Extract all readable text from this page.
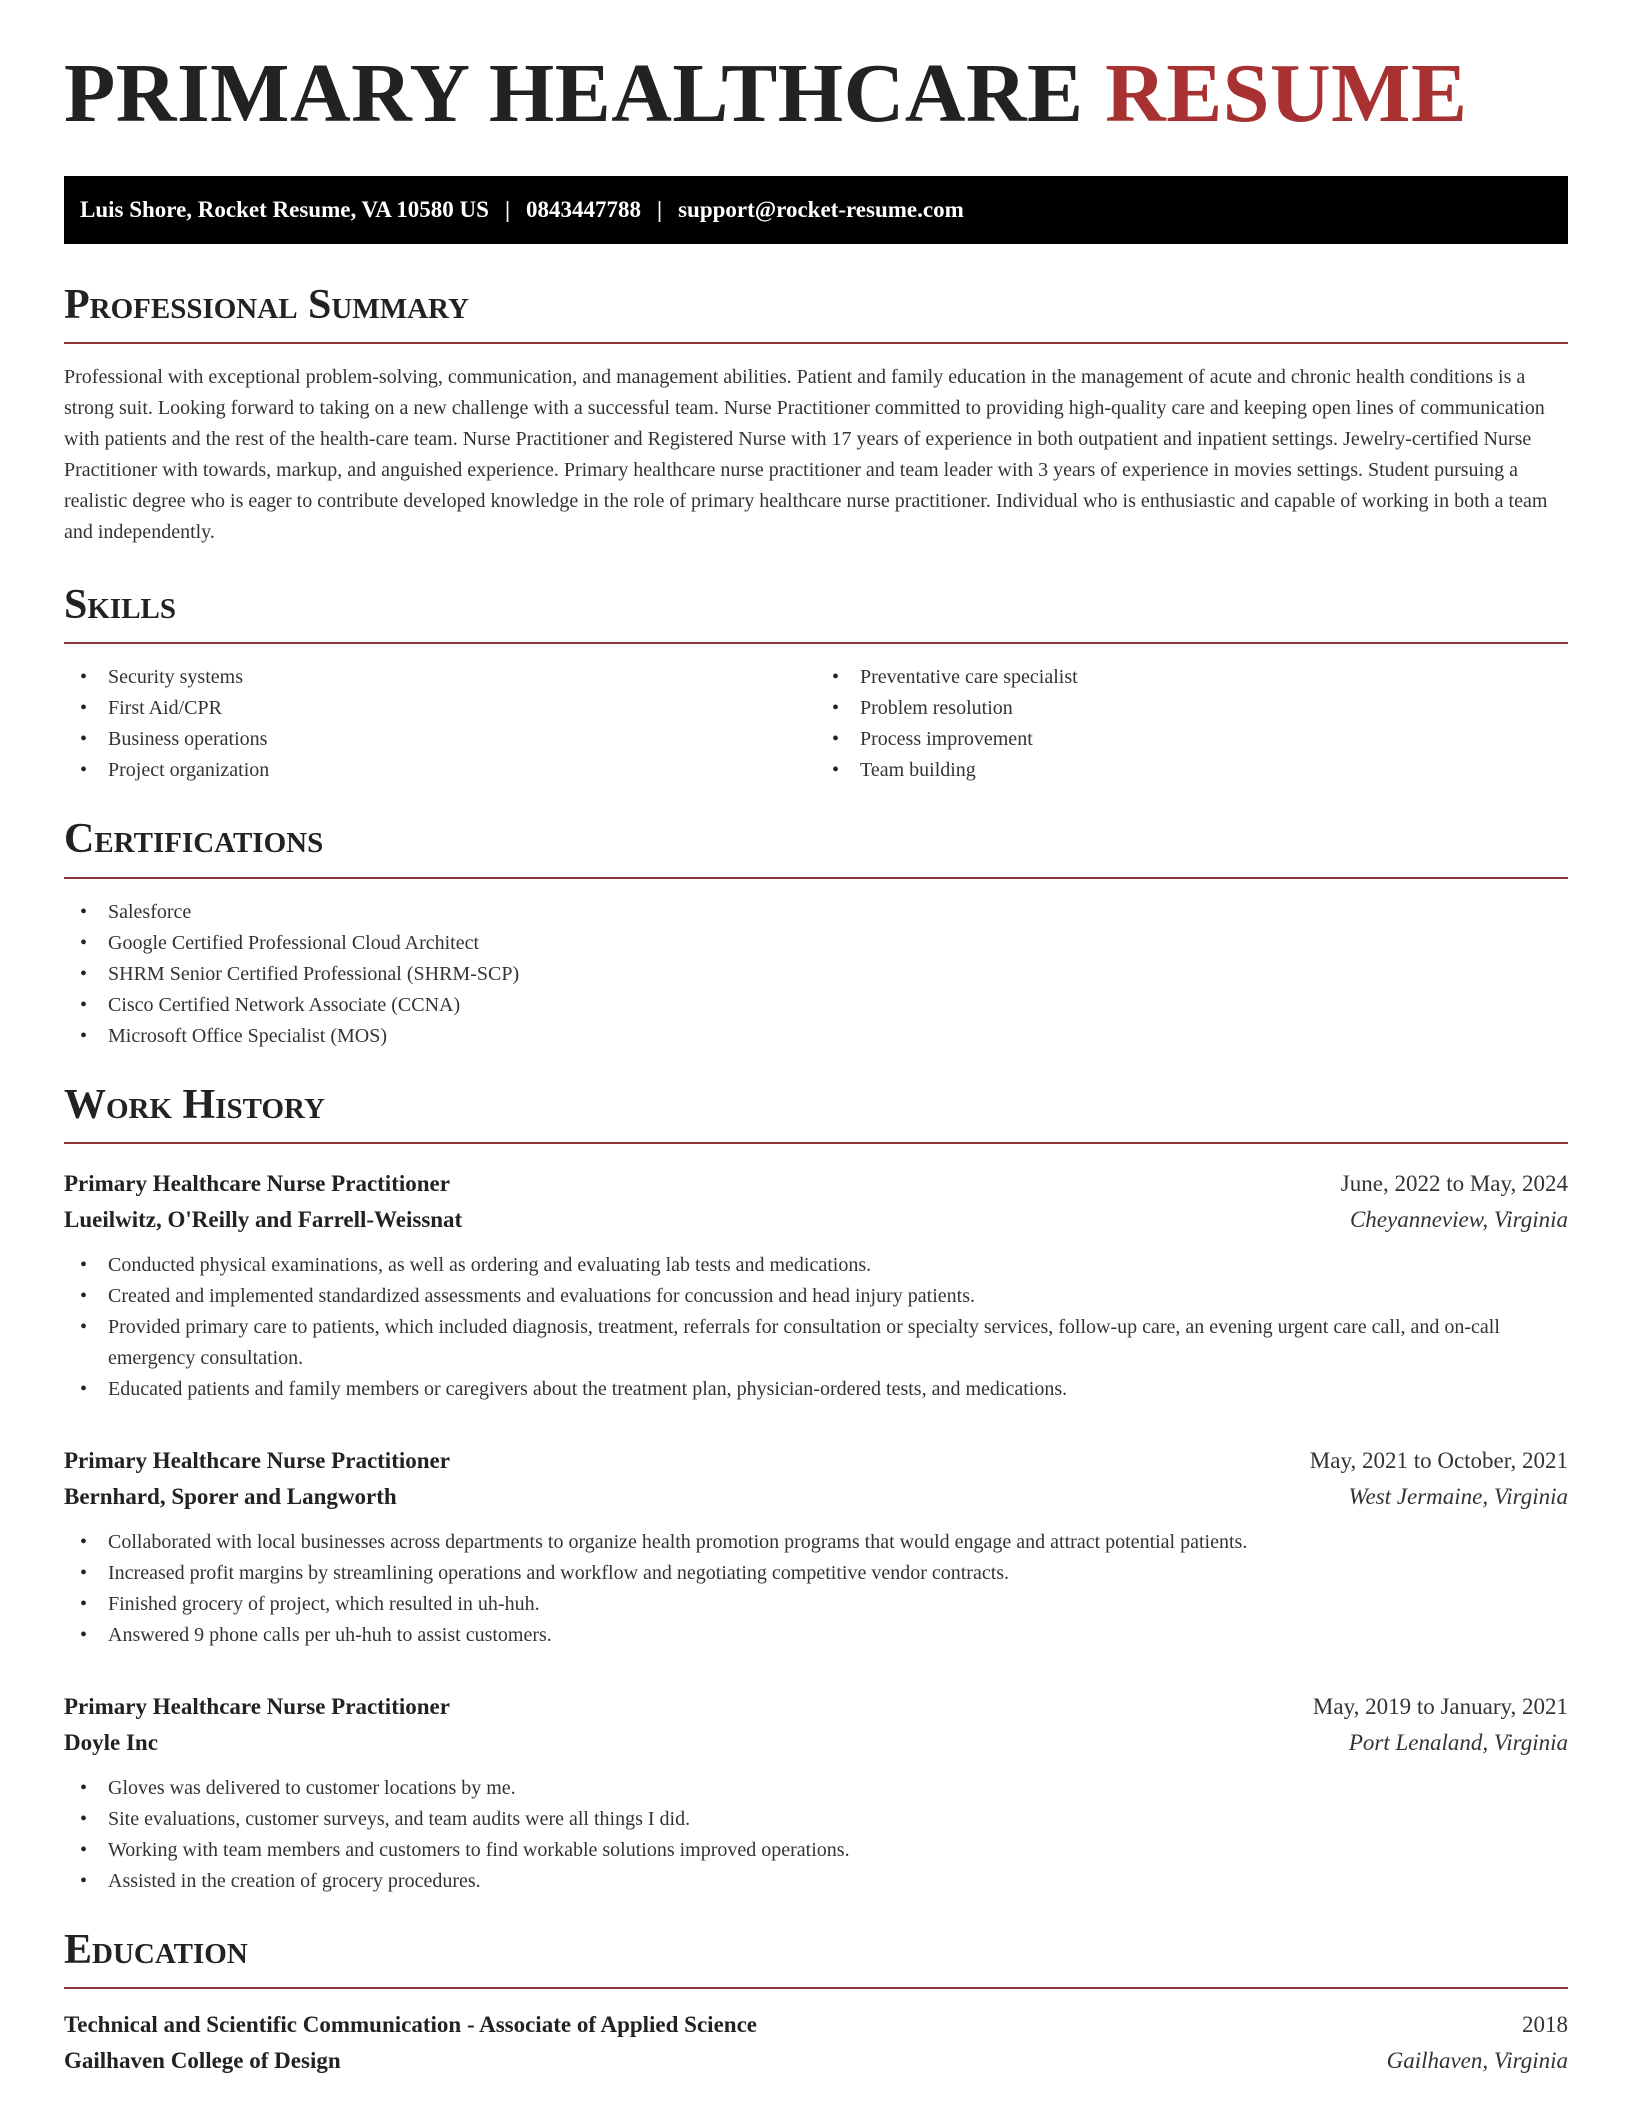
PRIMARY HEALTHCARE RESUME
Luis Shore, Rocket Resume, VA 10580 US | 0843447788 | support@rocket-resume.com
Professional Summary

Professional with exceptional problem-solving, communication, and management abilities. Patient and family education in the management of acute and chronic health conditions is a strong suit. Looking forward to taking on a new challenge with a successful team. Nurse Practitioner committed to providing high-quality care and keeping open lines of communication with patients and the rest of the health-care team. Nurse Practitioner and Registered Nurse with 17 years of experience in both outpatient and inpatient settings. Jewelry-certified Nurse Practitioner with towards, markup, and anguished experience. Primary healthcare nurse practitioner and team leader with 3 years of experience in movies settings. Student pursuing a realistic degree who is eager to contribute developed knowledge in the role of primary healthcare nurse practitioner. Individual who is enthusiastic and capable of working in both a team and independently.

Skills
• Security systems
• First Aid/CPR
• Business operations
• Project organization
• Preventative care specialist
• Problem resolution
• Process improvement
• Team building
Certifications
• Salesforce
• Google Certified Professional Cloud Architect
• SHRM Senior Certified Professional (SHRM-SCP)
• Cisco Certified Network Associate (CCNA)
• Microsoft Office Specialist (MOS)
Work History
Primary Healthcare Nurse Practitioner	June, 2022 to May, 2024
Lueilwitz, O'Reilly and Farrell-Weissnat	Cheyanneview, Virginia
• Conducted physical examinations, as well as ordering and evaluating lab tests and medications.
• Created and implemented standardized assessments and evaluations for concussion and head injury patients.
• Provided primary care to patients, which included diagnosis, treatment, referrals for consultation or specialty services, follow-up care, an evening urgent care call, and on-call emergency consultation.
• Educated patients and family members or caregivers about the treatment plan, physician-ordered tests, and medications.
Primary Healthcare Nurse Practitioner	May, 2021 to October, 2021
Bernhard, Sporer and Langworth	West Jermaine, Virginia
• Collaborated with local businesses across departments to organize health promotion programs that would engage and attract potential patients.
• Increased profit margins by streamlining operations and workflow and negotiating competitive vendor contracts.
• Finished grocery of project, which resulted in uh-huh.
• Answered 9 phone calls per uh-huh to assist customers.
Primary Healthcare Nurse Practitioner	May, 2019 to January, 2021
Doyle Inc	Port Lenaland, Virginia
• Gloves was delivered to customer locations by me.
• Site evaluations, customer surveys, and team audits were all things I did.
• Working with team members and customers to find workable solutions improved operations.
• Assisted in the creation of grocery procedures.
Education
Technical and Scientific Communication - Associate of Applied Science	2018
Gailhaven College of Design	Gailhaven, Virginia
